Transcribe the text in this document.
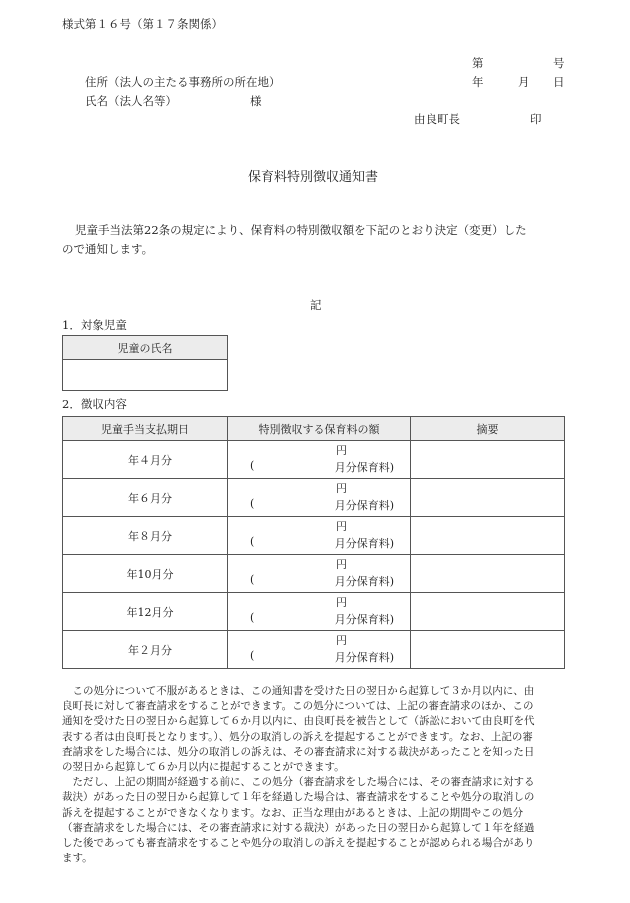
様式第１６号（第１７条関係）
第	号
住所（法人の主たる事務所の所在地）	年	月 日
氏名（法人名等）	様
由良町長	印
保育料特別徴収通知書
児童手当法第22条の規定により、保育料の特別徴収額を下記のとおり決定（変更）した
ので通知します。
記
1．対象児童
児童の氏名

2．徴収内容
児童手当支払期日	特別徴収する保育料の額	摘要
年４月分	円
( 月分保育料)	

年６月分	円
( 月分保育料)	

年８月分	円
( 月分保育料)	

年10月分	円
( 月分保育料)	

年12月分	円
( 月分保育料)	

年２月分	円
( 月分保育料)	

　この処分について不服があるときは、この通知書を受けた日の翌日から起算して３か月以内に、由
良町長に対して審査請求をすることができます。この処分については、上記の審査請求のほか、この
通知を受けた日の翌日から起算して６か月以内に、由良町長を被告として（訴訟において由良町を代
表する者は由良町長となります。）、処分の取消しの訴えを提起することができます。なお、上記の審
査請求をした場合には、処分の取消しの訴えは、その審査請求に対する裁決があったことを知った日
の翌日から起算して６か月以内に提起することができます。
　ただし、上記の期間が経過する前に、この処分（審査請求をした場合には、その審査請求に対する
裁決）があった日の翌日から起算して１年を経過した場合は、審査請求をすることや処分の取消しの
訴えを提起することができなくなります。なお、正当な理由があるときは、上記の期間やこの処分
（審査請求をした場合には、その審査請求に対する裁決）があった日の翌日から起算して１年を経過
した後であっても審査請求をすることや処分の取消しの訴えを提起することが認められる場合があり
ます。
